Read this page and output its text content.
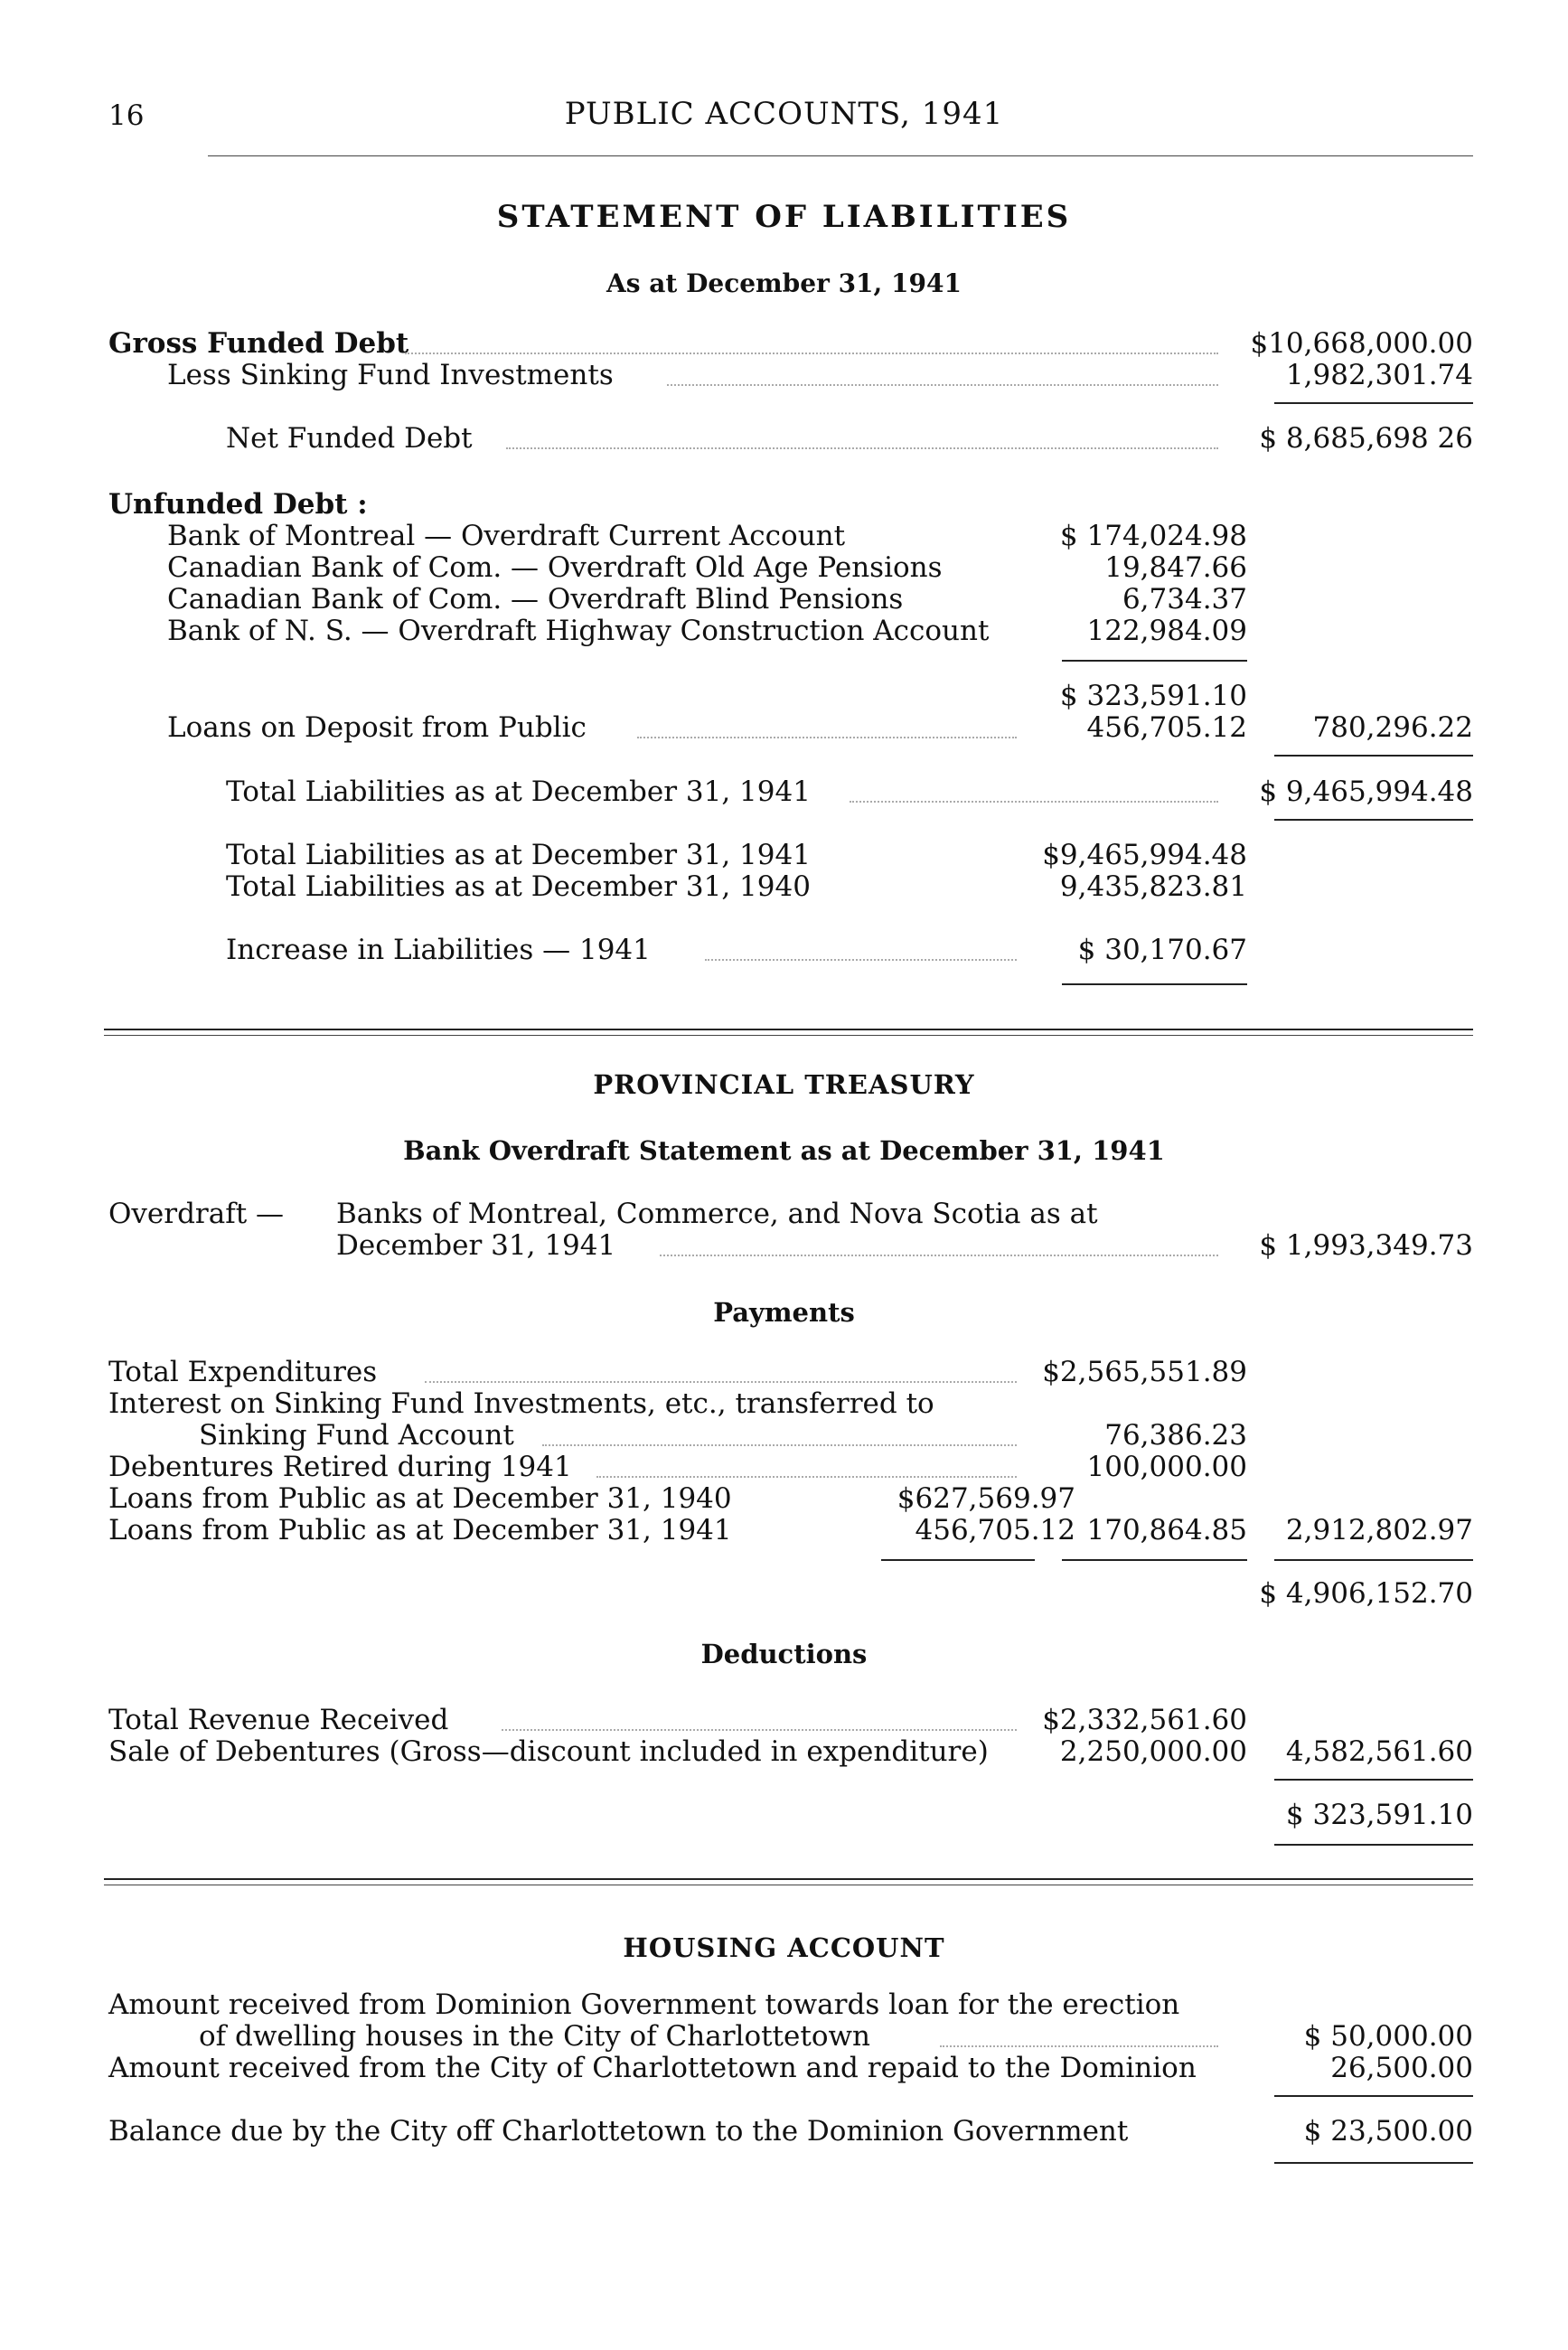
16	PUBLIC ACCOUNTS, 1941
STATEMENT OF LIABILITIES
As at December 31, 1941
Gross Funded Debt	$10,668,000.00
Less Sinking Fund Investments	1,982,301.74
Net Funded Debt	$ 8,685,698 26
Unfunded Debt :
Bank of Montreal — Overdraft Current Account	$ 174,024.98
Canadian Bank of Com. — Overdraft Old Age Pensions	19,847.66
Canadian Bank of Com. — Overdraft Blind Pensions	6,734.37
Bank of N. S. — Overdraft Highway Construction Account	122,984.09
$ 323,591.10
Loans on Deposit from Public	456,705.12	780,296.22
Total Liabilities as at December 31, 1941	$ 9,465,994.48
Total Liabilities as at December 31, 1941	$9,465,994.48
Total Liabilities as at December 31, 1940	9,435,823.81
Increase in Liabilities — 1941	$ 30,170.67
PROVINCIAL TREASURY
Bank Overdraft Statement as at December 31, 1941
Overdraft — Banks of Montreal, Commerce, and Nova Scotia as at
December 31, 1941	$ 1,993,349.73
Payments
Total Expenditures	$2,565,551.89
Interest on Sinking Fund Investments, etc., transferred to
Sinking Fund Account	76,386.23
Debentures Retired during 1941	100,000.00
Loans from Public as at December 31, 1940	$627,569.97
Loans from Public as at December 31, 1941	456,705.12 170,864.85	2,912,802.97
$ 4,906,152.70
Deductions
Total Revenue Received	$2,332,561.60
Sale of Debentures (Gross—discount included in expenditure)	2,250,000.00	4,582,561.60
$ 323,591.10
HOUSING ACCOUNT
Amount received from Dominion Government towards loan for the erection
of dwelling houses in the City of Charlottetown	$ 50,000.00
Amount received from the City of Charlottetown and repaid to the Dominion	26,500.00
Balance due by the City off Charlottetown to the Dominion Government	$ 23,500.00
